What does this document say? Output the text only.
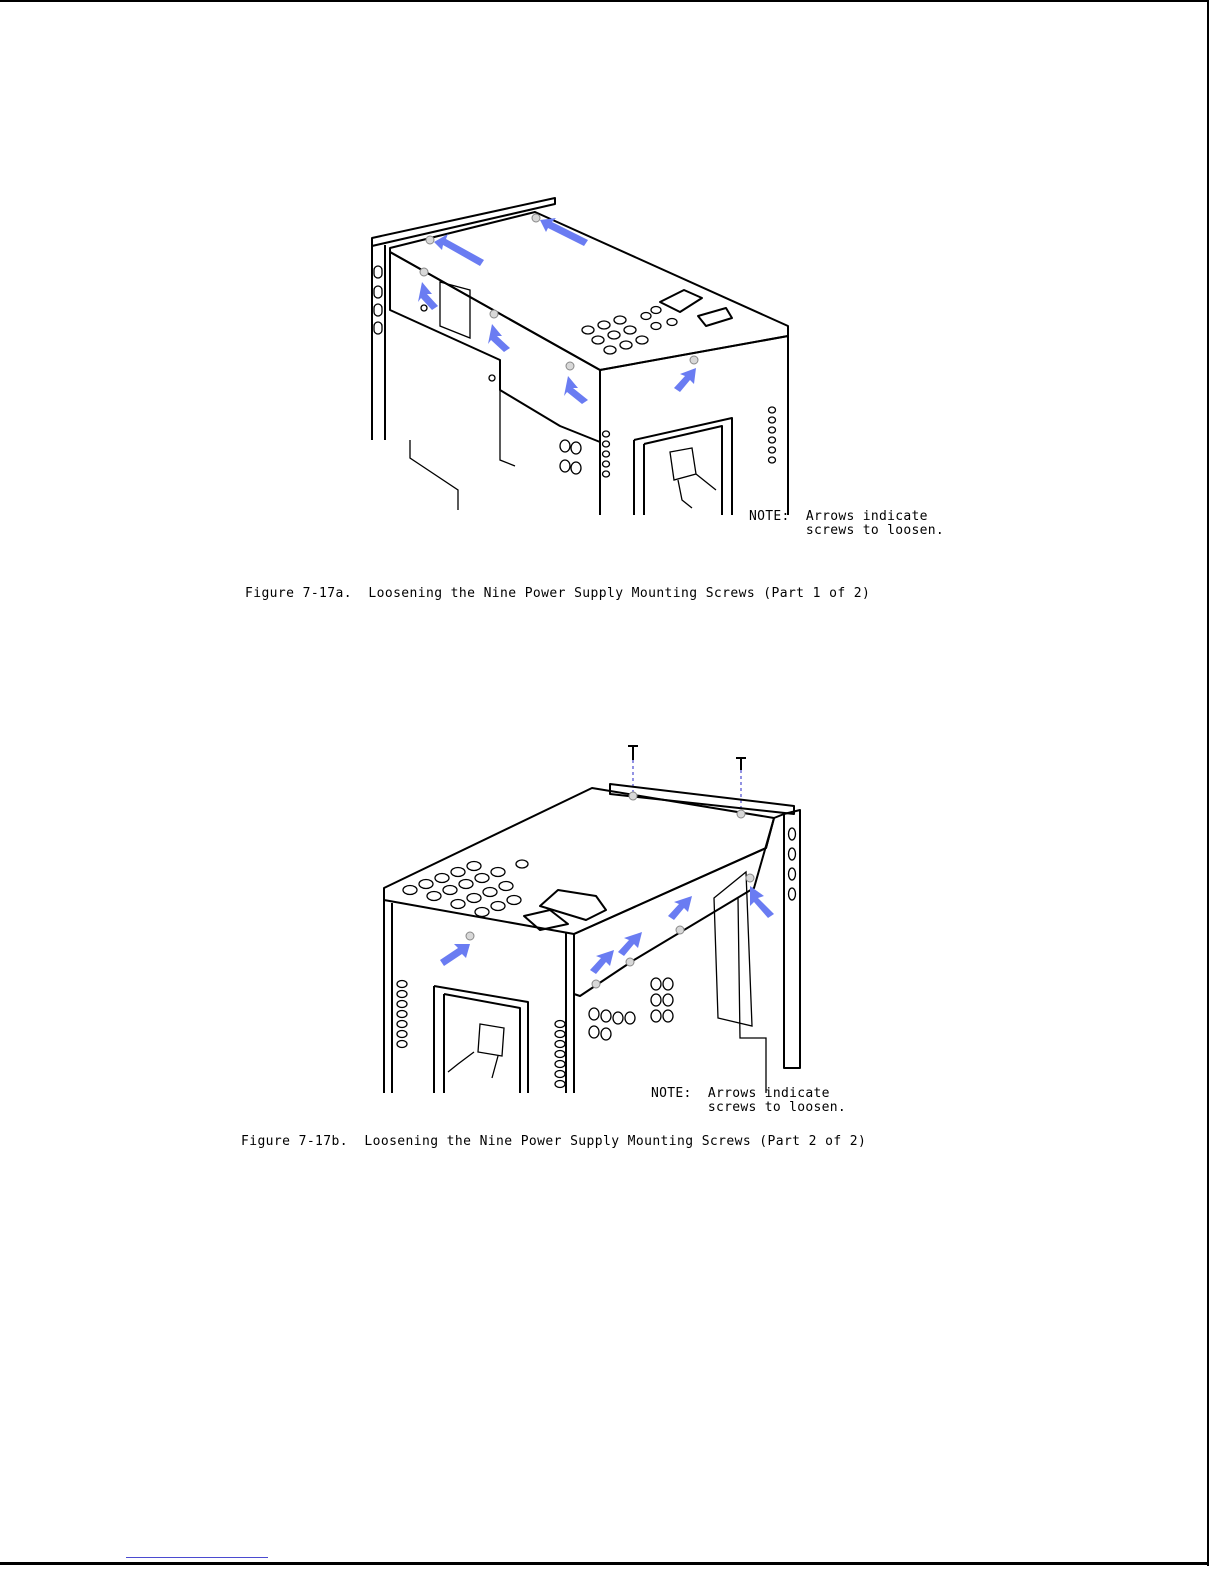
NOTE:  Arrows indicate
screws to loosen.
Figure 7-17a.  Loosening the Nine Power Supply Mounting Screws (Part 1 of 2)
NOTE:  Arrows indicate
screws to loosen.
Figure 7-17b.  Loosening the Nine Power Supply Mounting Screws (Part 2 of 2)
